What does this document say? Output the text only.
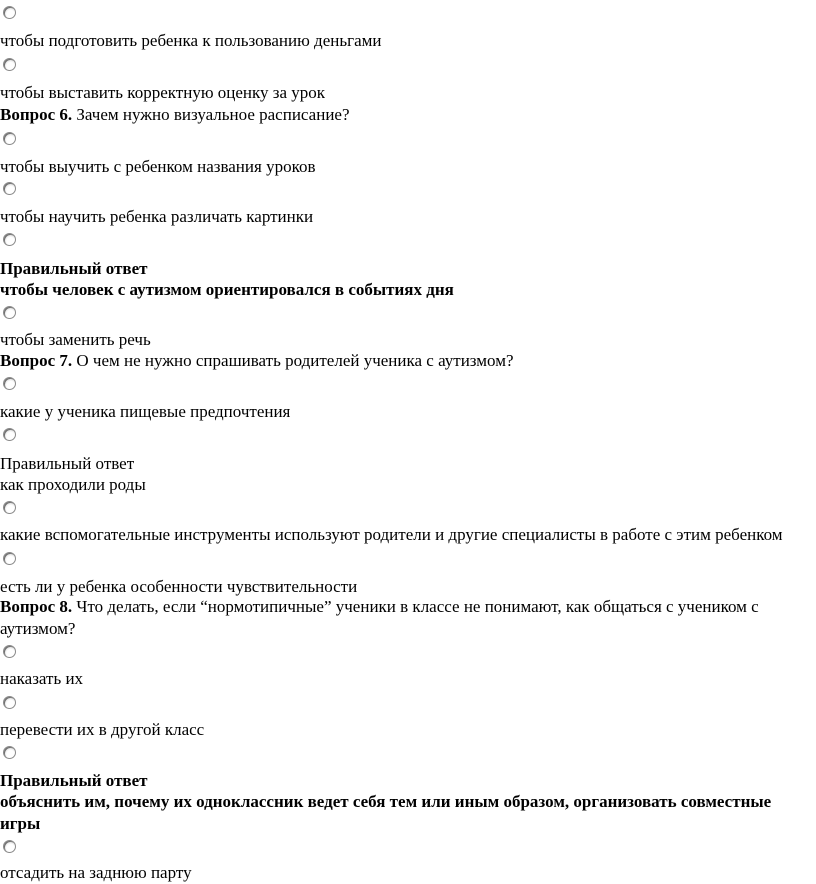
чтобы подготовить ребенка к пользованию деньгами
чтобы выставить корректную оценку за урок
Вопрос 6. Зачем нужно визуальное расписание?
чтобы выучить с ребенком названия уроков
чтобы научить ребенка различать картинки
Правильный ответ
чтобы человек с аутизмом ориентировался в событиях дня
чтобы заменить речь
Вопрос 7. О чем не нужно спрашивать родителей ученика с аутизмом?
какие у ученика пищевые предпочтения
Правильный ответ
как проходили роды
какие вспомогательные инструменты используют родители и другие специалисты в работе с этим ребенком
есть ли у ребенка особенности чувствительности
Вопрос 8. Что делать, если “нормотипичные” ученики в классе не понимают, как общаться с учеником с аутизмом?
наказать их
перевести их в другой класс
Правильный ответ
объяснить им, почему их одноклассник ведет себя тем или иным образом, организовать совместные игры
отсадить на заднюю парту
